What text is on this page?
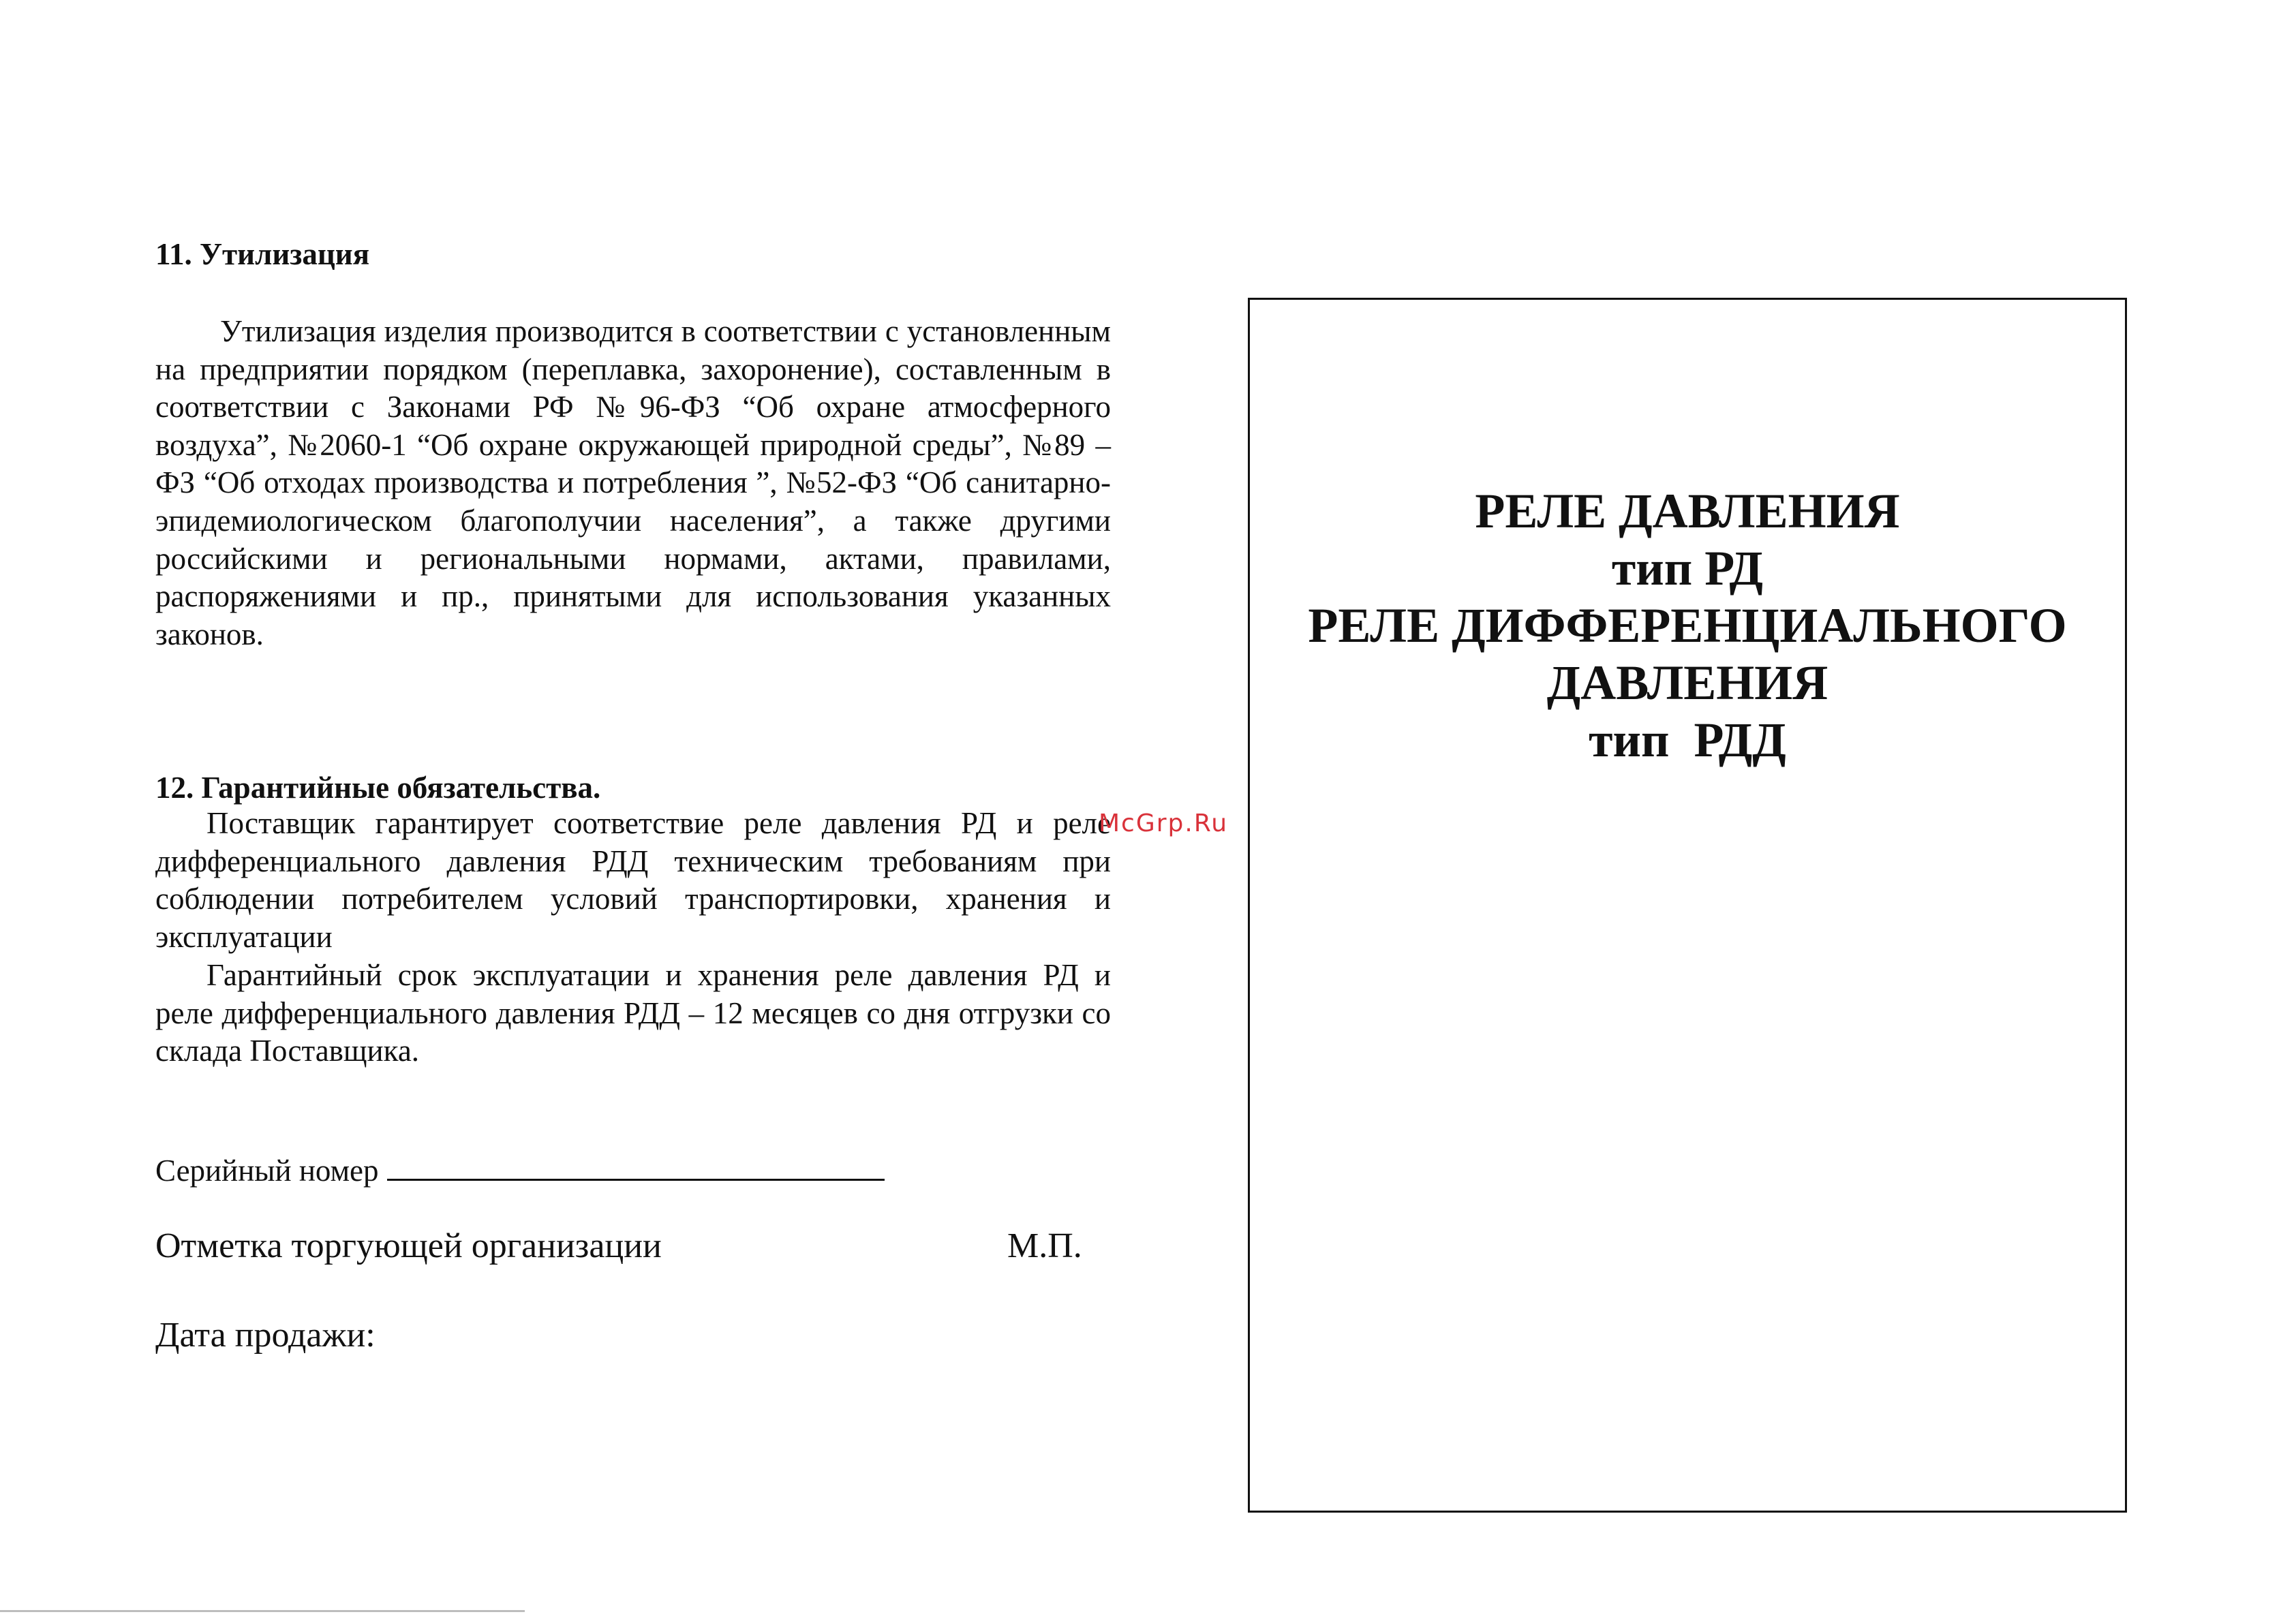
11. Утилизация

Утилизация изделия производится в соответствии с установленным на предприятии порядком (переплавка, захоронение), составленным в соответствии с Законами РФ №96-ФЗ “Об охране атмосферного воздуха”, №2060-1 “Об охране окружающей природной среды”, №89 –ФЗ “Об отходах производства и потребления ”, №52-ФЗ “Об санитарно-эпидемиологическом благополучии населения”, а также другими российскими и региональными нормами, актами, правилами, распоряжениями и пр., принятыми для использования указанных законов.

12. Гарантийные обязательства.

Поставщик гарантирует соответствие реле давления РД и реле дифференциального давления РДД техническим требованиям при соблюдении потребителем условий транспортировки, хранения и эксплуатации

Гарантийный срок эксплуатации и хранения реле давления РД и реле дифференциального давления РДД – 12 месяцев со дня отгрузки со склада Поставщика.

Серийный номер
Отметка торгующей организации	М.П.
Дата продажи:
McGrp.Ru
РЕЛЕ ДАВЛЕНИЯ
тип РД
РЕЛЕ ДИФФЕРЕНЦИАЛЬНОГО
ДАВЛЕНИЯ
тип  РДД
